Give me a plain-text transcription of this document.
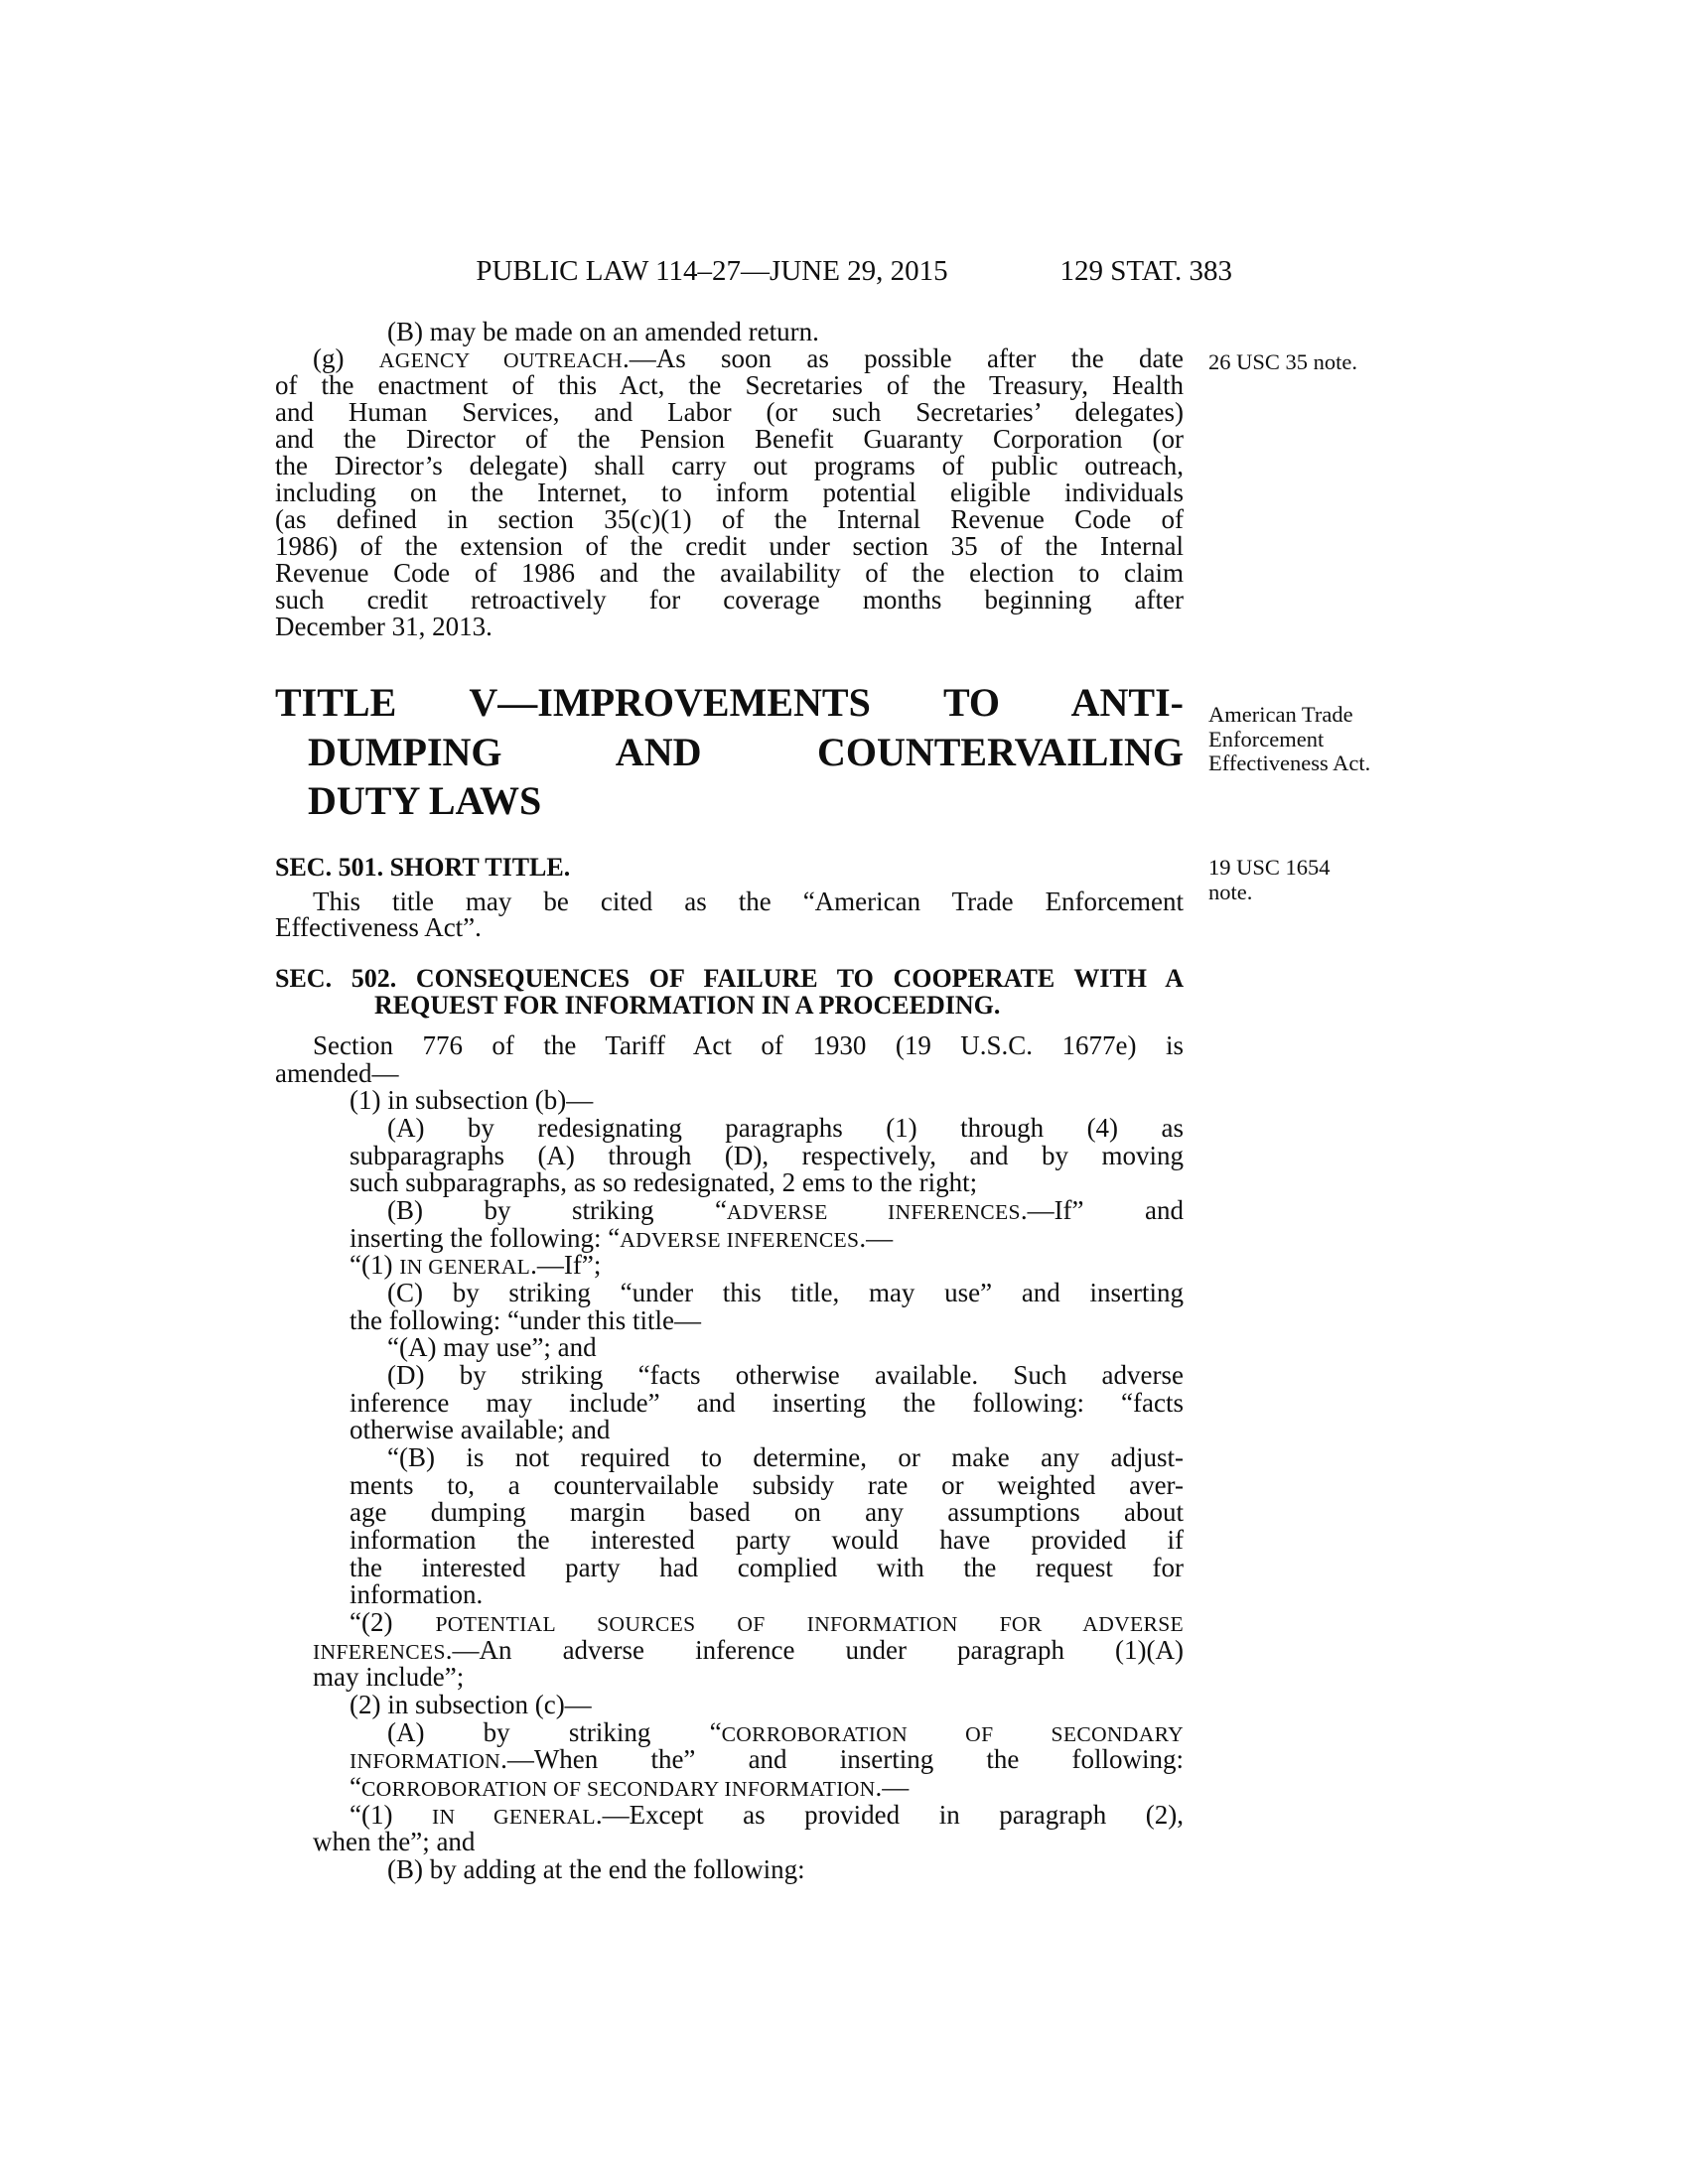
PUBLIC LAW 114–27—JUNE 29, 2015	129 STAT. 383
(B) may be made on an amended return.
(g) AGENCY OUTREACH.—As soon as possible after the date
of the enactment of this Act, the Secretaries of the Treasury, Health
and Human Services, and Labor (or such Secretaries’ delegates)
and the Director of the Pension Benefit Guaranty Corporation (or
the Director’s delegate) shall carry out programs of public outreach,
including on the Internet, to inform potential eligible individuals
(as defined in section 35(c)(1) of the Internal Revenue Code of
1986) of the extension of the credit under section 35 of the Internal
Revenue Code of 1986 and the availability of the election to claim
such credit retroactively for coverage months beginning after
December 31, 2013.
TITLE V—IMPROVEMENTS TO ANTI-
DUMPING AND COUNTERVAILING
DUTY LAWS
SEC. 501. SHORT TITLE.
This title may be cited as the “American Trade Enforcement
Effectiveness Act”.
SEC. 502. CONSEQUENCES OF FAILURE TO COOPERATE WITH A
REQUEST FOR INFORMATION IN A PROCEEDING.
Section 776 of the Tariff Act of 1930 (19 U.S.C. 1677e) is
amended—
(1) in subsection (b)—
(A) by redesignating paragraphs (1) through (4) as
subparagraphs (A) through (D), respectively, and by moving
such subparagraphs, as so redesignated, 2 ems to the right;
(B) by striking “ADVERSE INFERENCES.—If” and
inserting the following: “ADVERSE INFERENCES.—
“(1) IN GENERAL.—If”;
(C) by striking “under this title, may use” and inserting
the following: “under this title—
“(A) may use”; and
(D) by striking “facts otherwise available. Such adverse
inference may include” and inserting the following: “facts
otherwise available; and
“(B) is not required to determine, or make any adjust-
ments to, a countervailable subsidy rate or weighted aver-
age dumping margin based on any assumptions about
information the interested party would have provided if
the interested party had complied with the request for
information.
“(2) POTENTIAL SOURCES OF INFORMATION FOR ADVERSE
INFERENCES.—An adverse inference under paragraph (1)(A)
may include”;
(2) in subsection (c)—
(A) by striking “CORROBORATION OF SECONDARY
INFORMATION.—When the” and inserting the following:
“CORROBORATION OF SECONDARY INFORMATION.—
“(1) IN GENERAL.—Except as provided in paragraph (2),
when the”; and
(B) by adding at the end the following:
26 USC 35 note.
American Trade
Enforcement
Effectiveness Act.
19 USC 1654
note.
